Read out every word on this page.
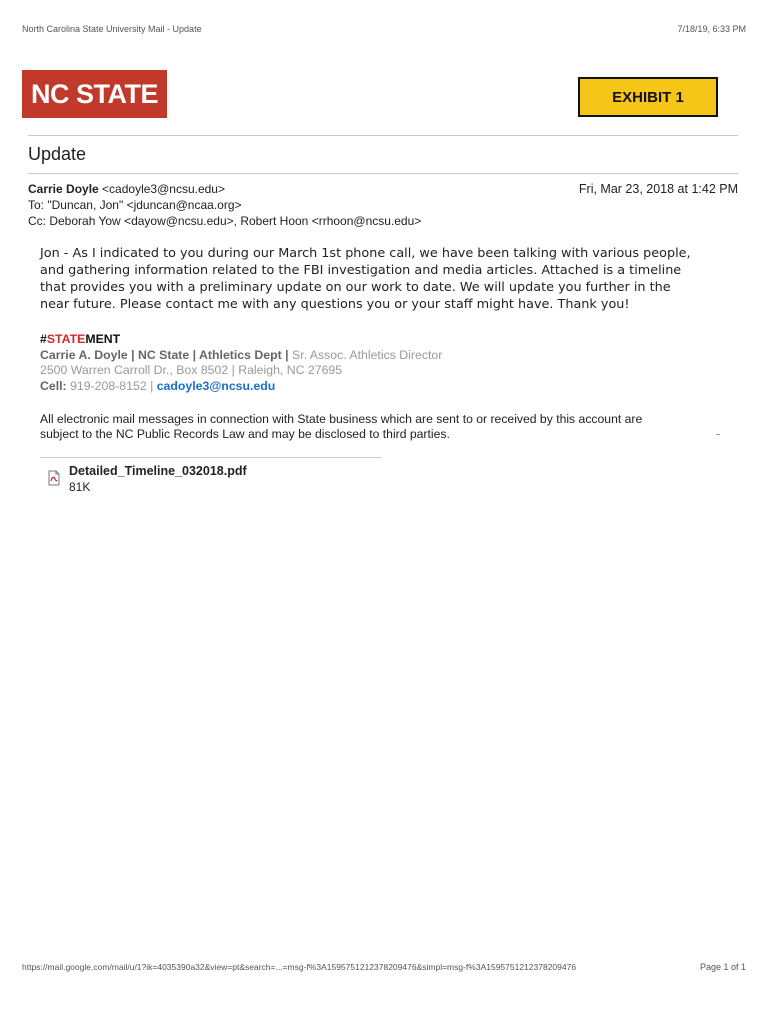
North Carolina State University Mail - Update	7/18/19, 6:33 PM
NC STATE	EXHIBIT 1
Update
Carrie Doyle <cadoyle3@ncsu.edu>	Fri, Mar 23, 2018 at 1:42 PM
To: "Duncan, Jon" <jduncan@ncaa.org>
Cc: Deborah Yow <dayow@ncsu.edu>, Robert Hoon <rrhoon@ncsu.edu>
Jon - As I indicated to you during our March 1st phone call, we have been talking with various people,
and gathering information related to the FBI investigation and media articles. Attached is a timeline
that provides you with a preliminary update on our work to date. We will update you further in the
near future. Please contact me with any questions you or your staff might have. Thank you!
#STATEMENT
Carrie A. Doyle | NC State | Athletics Dept | Sr. Assoc. Athletics Director
2500 Warren Carroll Dr., Box 8502 | Raleigh, NC 27695
Cell: 919-208-8152 | cadoyle3@ncsu.edu
All electronic mail messages in connection with State business which are sent to or received by this account are
subject to the NC Public Records Law and may be disclosed to third parties.
Detailed_Timeline_032018.pdf
81K
https://mail.google.com/mail/u/1?ik=4035390a32&view=pt&search=...=msg-f%3A1595751212378209476&simpl=msg-f%3A1595751212378209476	Page 1 of 1
